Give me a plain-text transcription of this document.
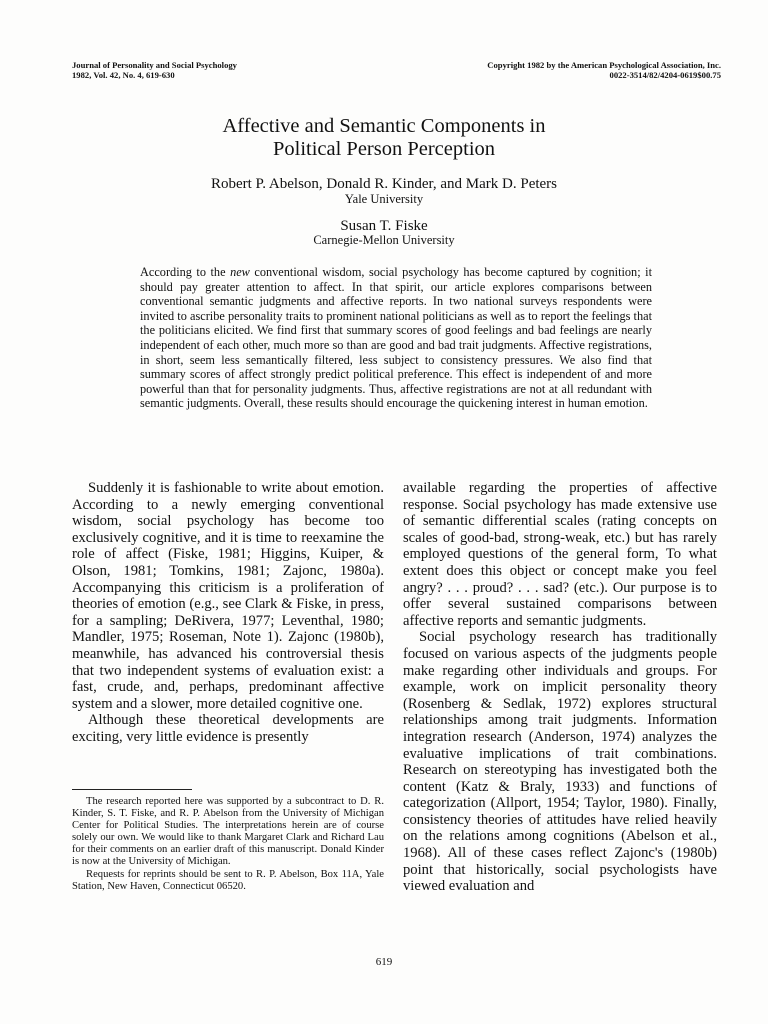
Journal of Personality and Social Psychology
1982, Vol. 42, No. 4, 619-630
Copyright 1982 by the American Psychological Association, Inc.
0022-3514/82/4204-0619$00.75
Affective and Semantic Components in
Political Person Perception
Robert P. Abelson, Donald R. Kinder, and Mark D. Peters
Yale University
Susan T. Fiske
Carnegie-Mellon University
According to the new conventional wisdom, social psychology has become captured by cognition; it should pay greater attention to affect. In that spirit, our article explores comparisons between conventional semantic judgments and affective reports. In two national surveys respondents were invited to ascribe personality traits to prominent national politicians as well as to report the feelings that the politicians elicited. We find first that summary scores of good feelings and bad feelings are nearly independent of each other, much more so than are good and bad trait judgments. Affective registrations, in short, seem less semantically filtered, less subject to consistency pressures. We also find that summary scores of affect strongly predict political preference. This effect is independent of and more powerful than that for personality judgments. Thus, affective registrations are not at all redundant with semantic judgments. Overall, these results should encourage the quickening interest in human emotion.

Suddenly it is fashionable to write about emotion. According to a newly emerging conventional wisdom, social psychology has become too exclusively cognitive, and it is time to reexamine the role of affect (Fiske, 1981; Higgins, Kuiper, & Olson, 1981; Tomkins, 1981; Zajonc, 1980a). Accompanying this criticism is a proliferation of theories of emotion (e.g., see Clark & Fiske, in press, for a sampling; DeRivera, 1977; Leventhal, 1980; Mandler, 1975; Roseman, Note 1). Zajonc (1980b), meanwhile, has advanced his controversial thesis that two independent systems of evaluation exist: a fast, crude, and, perhaps, predominant affective system and a slower, more detailed cognitive one.

Although these theoretical developments are exciting, very little evidence is presently

available regarding the properties of affective response. Social psychology has made extensive use of semantic differential scales (rating concepts on scales of good-bad, strong-weak, etc.) but has rarely employed questions of the general form, To what extent does this object or concept make you feel angry? . . . proud? . . . sad? (etc.). Our purpose is to offer several sustained comparisons between affective reports and semantic judgments.

Social psychology research has traditionally focused on various aspects of the judgments people make regarding other individuals and groups. For example, work on implicit personality theory (Rosenberg & Sedlak, 1972) explores structural relationships among trait judgments. Information integration research (Anderson, 1974) analyzes the evaluative implications of trait combinations. Research on stereotyping has investigated both the content (Katz & Braly, 1933) and functions of categorization (Allport, 1954; Taylor, 1980). Finally, consistency theories of attitudes have relied heavily on the relations among cognitions (Abelson et al., 1968). All of these cases reflect Zajonc's (1980b) point that historically, social psychologists have viewed evaluation and

The research reported here was supported by a subcontract to D. R. Kinder, S. T. Fiske, and R. P. Abelson from the University of Michigan Center for Political Studies. The interpretations herein are of course solely our own. We would like to thank Margaret Clark and Richard Lau for their comments on an earlier draft of this manuscript. Donald Kinder is now at the University of Michigan.

Requests for reprints should be sent to R. P. Abelson, Box 11A, Yale Station, New Haven, Connecticut 06520.

619
